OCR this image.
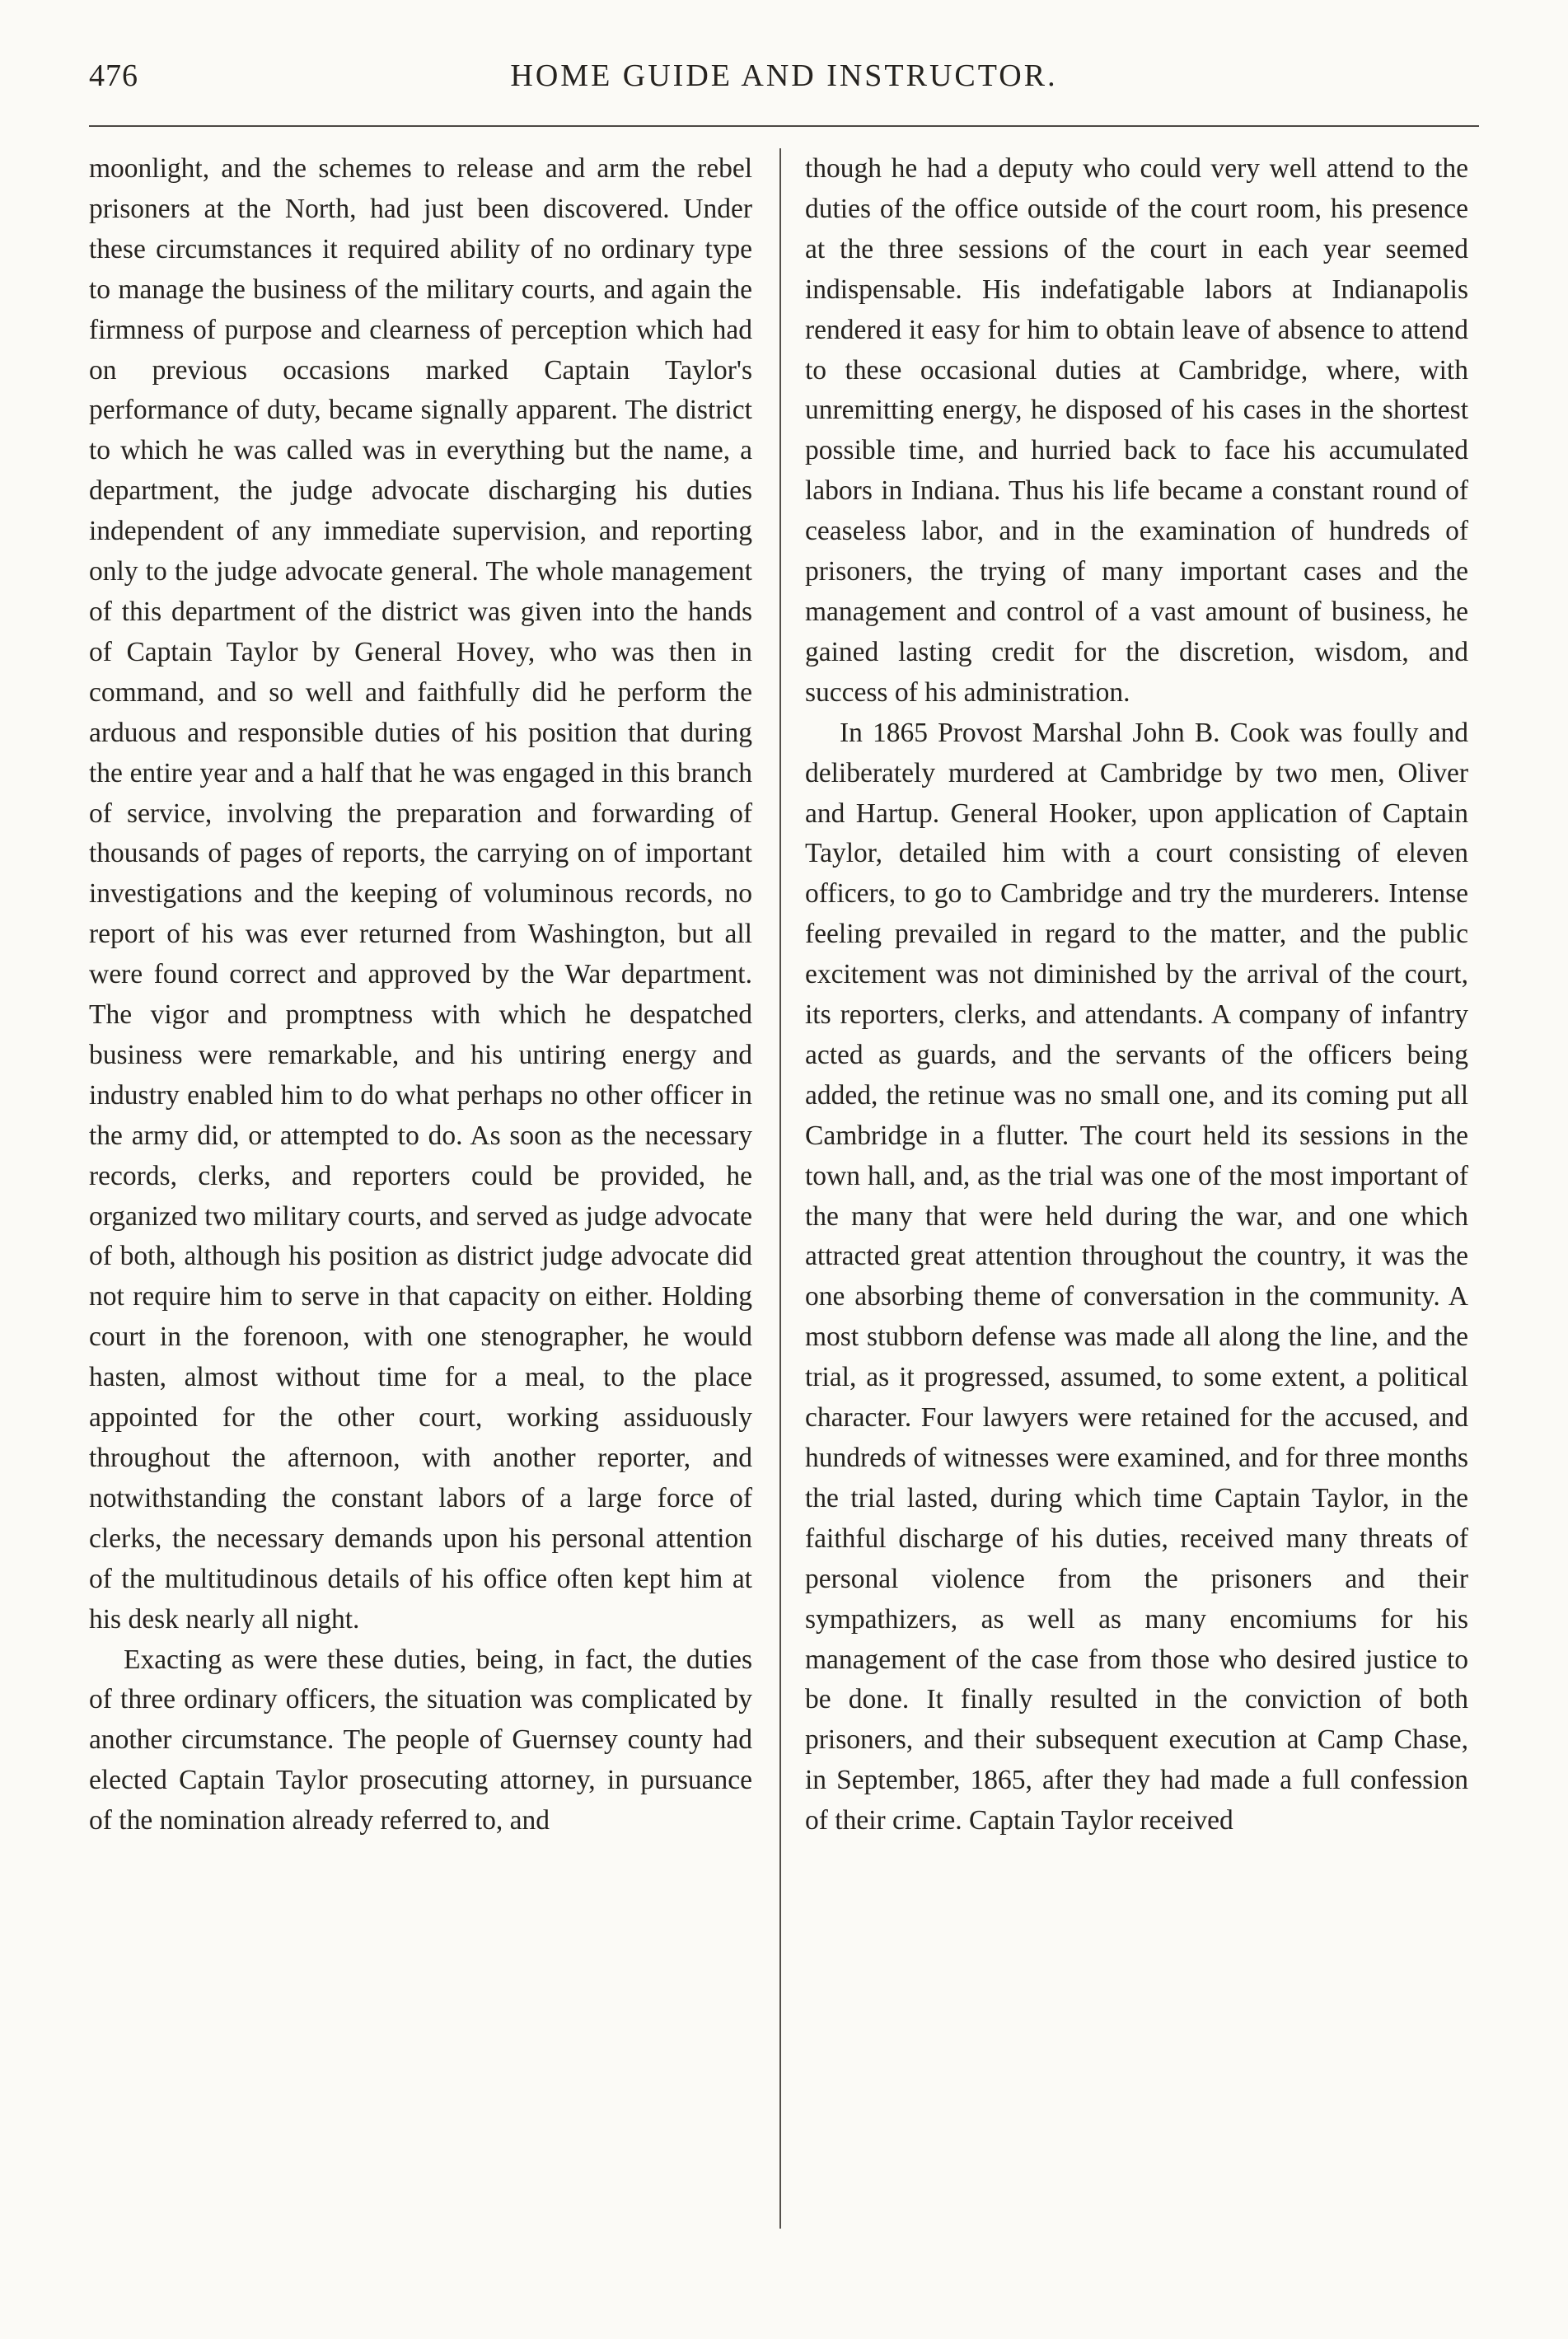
476	HOME GUIDE AND INSTRUCTOR.

moonlight, and the schemes to release and arm the rebel prisoners at the North, had just been discovered. Under these circumstances it required ability of no ordinary type to manage the business of the military courts, and again the firmness of purpose and clearness of perception which had on previous occasions marked Captain Taylor's performance of duty, became signally apparent. The district to which he was called was in everything but the name, a department, the judge advocate discharging his duties independent of any immediate supervision, and reporting only to the judge advocate general. The whole management of this department of the district was given into the hands of Captain Taylor by General Hovey, who was then in command, and so well and faithfully did he perform the arduous and responsible duties of his position that during the entire year and a half that he was engaged in this branch of service, involving the preparation and forwarding of thousands of pages of reports, the carrying on of important investigations and the keeping of voluminous records, no report of his was ever returned from Washington, but all were found correct and approved by the War department. The vigor and promptness with which he despatched business were remarkable, and his untiring energy and industry enabled him to do what perhaps no other officer in the army did, or attempted to do. As soon as the necessary records, clerks, and reporters could be provided, he organized two military courts, and served as judge advocate of both, although his position as district judge advocate did not require him to serve in that capacity on either. Holding court in the forenoon, with one stenographer, he would hasten, almost without time for a meal, to the place appointed for the other court, working assiduously throughout the afternoon, with another reporter, and notwithstanding the constant labors of a large force of clerks, the necessary demands upon his personal attention of the multitudinous details of his office often kept him at his desk nearly all night.

Exacting as were these duties, being, in fact, the duties of three ordinary officers, the situation was complicated by another circumstance. The people of Guernsey county had elected Captain Taylor prosecuting attorney, in pursuance of the nomination already referred to, and

though he had a deputy who could very well attend to the duties of the office outside of the court room, his presence at the three sessions of the court in each year seemed indispensable. His indefatigable labors at Indianapolis rendered it easy for him to obtain leave of absence to attend to these occasional duties at Cambridge, where, with unremitting energy, he disposed of his cases in the shortest possible time, and hurried back to face his accumulated labors in Indiana. Thus his life became a constant round of ceaseless labor, and in the examination of hundreds of prisoners, the trying of many important cases and the management and control of a vast amount of business, he gained lasting credit for the discretion, wisdom, and success of his administration.

In 1865 Provost Marshal John B. Cook was foully and deliberately murdered at Cambridge by two men, Oliver and Hartup. General Hooker, upon application of Captain Taylor, detailed him with a court consisting of eleven officers, to go to Cambridge and try the murderers. Intense feeling prevailed in regard to the matter, and the public excitement was not diminished by the arrival of the court, its reporters, clerks, and attendants. A company of infantry acted as guards, and the servants of the officers being added, the retinue was no small one, and its coming put all Cambridge in a flutter. The court held its sessions in the town hall, and, as the trial was one of the most important of the many that were held during the war, and one which attracted great attention throughout the country, it was the one absorbing theme of conversation in the community. A most stubborn defense was made all along the line, and the trial, as it progressed, assumed, to some extent, a political character. Four lawyers were retained for the accused, and hundreds of witnesses were examined, and for three months the trial lasted, during which time Captain Taylor, in the faithful discharge of his duties, received many threats of personal violence from the prisoners and their sympathizers, as well as many encomiums for his management of the case from those who desired justice to be done. It finally resulted in the conviction of both prisoners, and their subsequent execution at Camp Chase, in September, 1865, after they had made a full confession of their crime. Captain Taylor received
